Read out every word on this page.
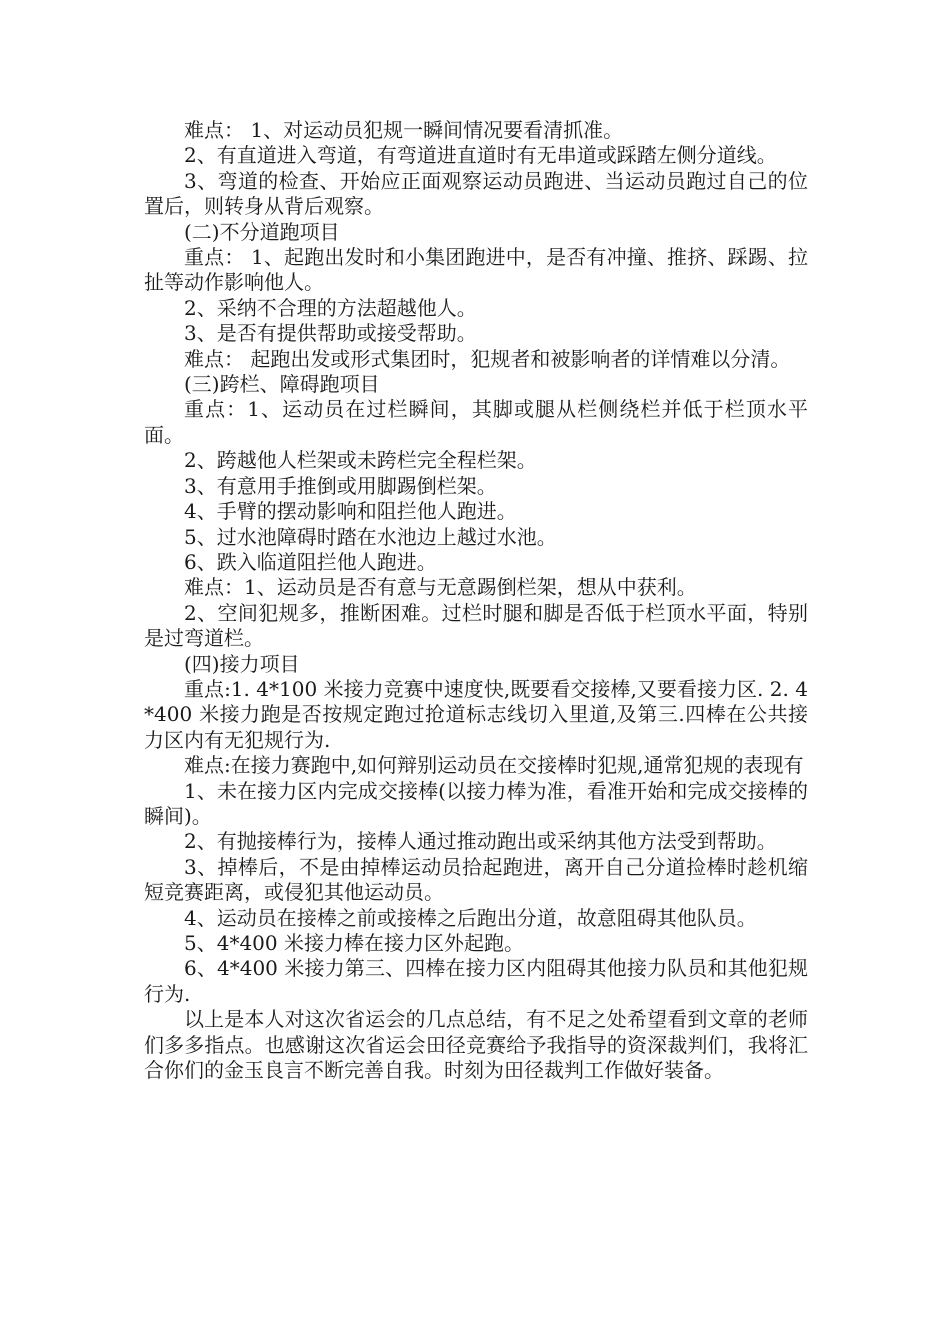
难点： 1、对运动员犯规一瞬间情况要看清抓准。

2、有直道进入弯道，有弯道进直道时有无串道或踩踏左侧分道线。

3、弯道的检查、开始应正面观察运动员跑进、当运动员跑过自己的位置后，则转身从背后观察。

(二)不分道跑项目

重点： 1、起跑出发时和小集团跑进中，是否有冲撞、推挤、踩踢、拉扯等动作影响他人。

2、采纳不合理的方法超越他人。

3、是否有提供帮助或接受帮助。

难点： 起跑出发或形式集团时，犯规者和被影响者的详情难以分清。

(三)跨栏、障碍跑项目

重点：1、运动员在过栏瞬间，其脚或腿从栏侧绕栏并低于栏顶水平面。

2、跨越他人栏架或未跨栏完全程栏架。

3、有意用手推倒或用脚踢倒栏架。

4、手臂的摆动影响和阻拦他人跑进。

5、过水池障碍时踏在水池边上越过水池。

6、跌入临道阻拦他人跑进。

难点：1、运动员是否有意与无意踢倒栏架，想从中获利。

2、空间犯规多，推断困难。过栏时腿和脚是否低于栏顶水平面，特别是过弯道栏。

(四)接力项目

重点:1. 4*100 米接力竞赛中速度快,既要看交接棒,又要看接力区. 2. 4*400 米接力跑是否按规定跑过抢道标志线切入里道,及第三.四棒在公共接力区内有无犯规行为.

难点:在接力赛跑中,如何辩别运动员在交接棒时犯规,通常犯规的表现有

1、未在接力区内完成交接棒(以接力棒为准，看准开始和完成交接棒的瞬间)。

2、有抛接棒行为，接棒人通过推动跑出或采纳其他方法受到帮助。

3、掉棒后，不是由掉棒运动员拾起跑进，离开自己分道捡棒时趁机缩短竞赛距离，或侵犯其他运动员。

4、运动员在接棒之前或接棒之后跑出分道，故意阻碍其他队员。

5、4*400 米接力棒在接力区外起跑。

6、4*400 米接力第三、四棒在接力区内阻碍其他接力队员和其他犯规行为.

以上是本人对这次省运会的几点总结，有不足之处希望看到文章的老师们多多指点。也感谢这次省运会田径竞赛给予我指导的资深裁判们，我将汇合你们的金玉良言不断完善自我。时刻为田径裁判工作做好装备。
